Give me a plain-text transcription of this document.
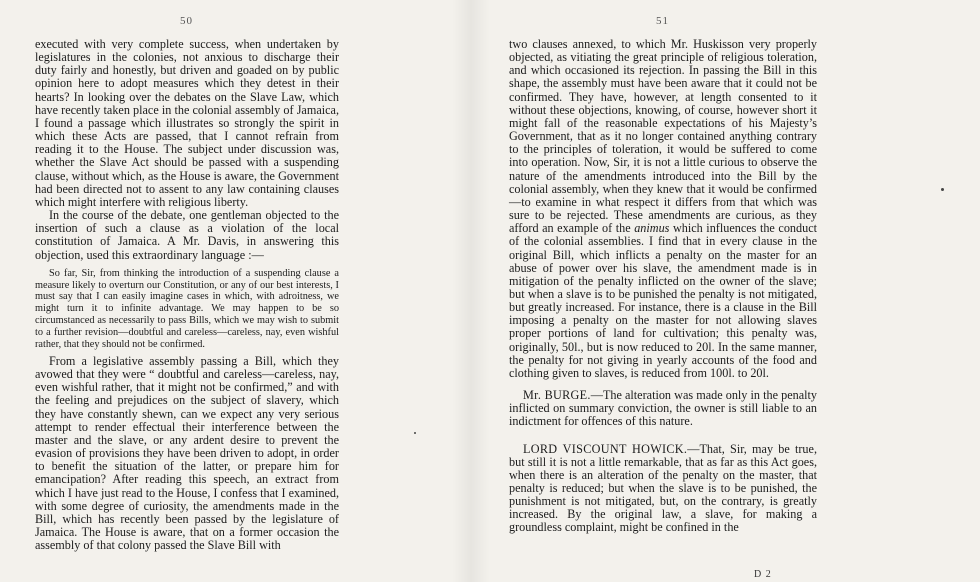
50

executed with very complete success, when undertaken by legislatures in the colonies, not anxious to discharge their duty fairly and honestly, but driven and goaded on by public opinion here to adopt measures which they detest in their hearts? In looking over the debates on the Slave Law, which have recently taken place in the colonial assembly of Jamaica, I found a passage which illustrates so strongly the spirit in which these Acts are passed, that I cannot refrain from reading it to the House. The subject under discussion was, whether the Slave Act should be passed with a suspending clause, without which, as the House is aware, the Government had been directed not to assent to any law containing clauses which might interfere with religious liberty.

In the course of the debate, one gentleman objected to the insertion of such a clause as a violation of the local constitution of Jamaica. A Mr. Davis, in answering this objection, used this extraordinary language :—

So far, Sir, from thinking the introduction of a suspending clause a measure likely to overturn our Constitution, or any of our best interests, I must say that I can easily imagine cases in which, with adroitness, we might turn it to infinite advantage. We may happen to be so circumstanced as necessarily to pass Bills, which we may wish to submit to a further revision—doubtful and careless—careless, nay, even wishful rather, that they should not be confirmed.

From a legislative assembly passing a Bill, which they avowed that they were “ doubtful and careless—careless, nay, even wishful rather, that it might not be confirmed,” and with the feeling and prejudices on the subject of slavery, which they have constantly shewn, can we expect any very serious attempt to render effectual their interference between the master and the slave, or any ardent desire to prevent the evasion of provisions they have been driven to adopt, in order to benefit the situation of the latter, or prepare him for emancipation? After reading this speech, an extract from which I have just read to the House, I confess that I examined, with some degree of curiosity, the amendments made in the Bill, which has recently been passed by the legislature of Jamaica. The House is aware, that on a former occasion the assembly of that colony passed the Slave Bill with

51

two clauses annexed, to which Mr. Huskisson very properly objected, as vitiating the great principle of religious toleration, and which occasioned its rejection. In passing the Bill in this shape, the assembly must have been aware that it could not be confirmed. They have, however, at length consented to it without these objections, knowing, of course, however short it might fall of the reasonable expectations of his Majesty’s Government, that as it no longer contained anything contrary to the principles of toleration, it would be suffered to come into operation. Now, Sir, it is not a little curious to observe the nature of the amendments introduced into the Bill by the colonial assembly, when they knew that it would be confirmed—to examine in what respect it differs from that which was sure to be rejected. These amendments are curious, as they afford an example of the animus which influences the conduct of the colonial assemblies. I find that in every clause in the original Bill, which inflicts a penalty on the master for an abuse of power over his slave, the amendment made is in mitigation of the penalty inflicted on the owner of the slave; but when a slave is to be punished the penalty is not mitigated, but greatly increased. For instance, there is a clause in the Bill imposing a penalty on the master for not allowing slaves proper portions of land for cultivation; this penalty was, originally, 50l., but is now reduced to 20l. In the same manner, the penalty for not giving in yearly accounts of the food and clothing given to slaves, is reduced from 100l. to 20l.

Mr. BURGE.—The alteration was made only in the penalty inflicted on summary conviction, the owner is still liable to an indictment for offences of this nature.

LORD VISCOUNT HOWICK.—That, Sir, may be true, but still it is not a little remarkable, that as far as this Act goes, when there is an alteration of the penalty on the master, that penalty is reduced; but when the slave is to be punished, the punishment is not mitigated, but, on the contrary, is greatly increased. By the original law, a slave, for making a groundless complaint, might be confined in the

D 2
